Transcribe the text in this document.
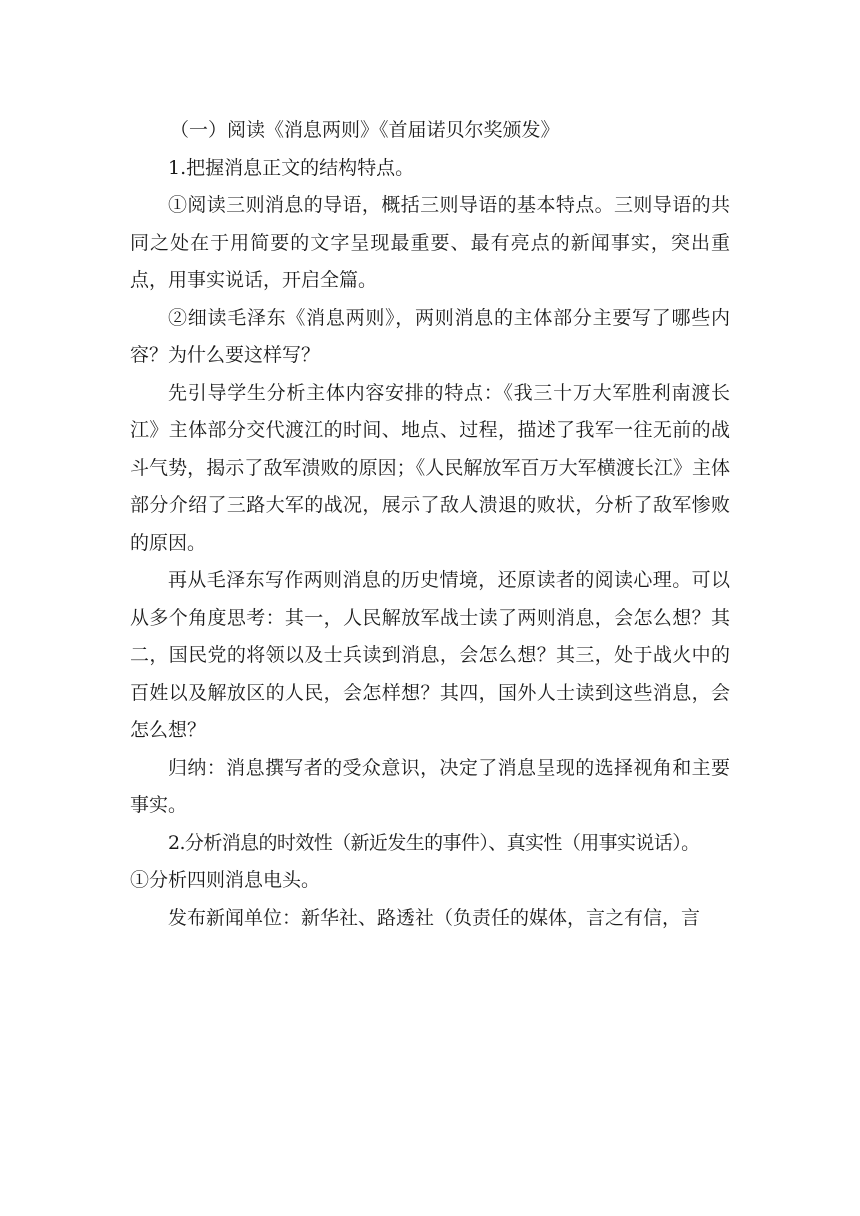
（一）阅读《消息两则》《首届诺贝尔奖颁发》

1.把握消息正文的结构特点。

①阅读三则消息的导语，概括三则导语的基本特点。三则导语的共同之处在于用简要的文字呈现最重要、最有亮点的新闻事实，突出重点，用事实说话，开启全篇。

②细读毛泽东《消息两则》，两则消息的主体部分主要写了哪些内容？为什么要这样写？

先引导学生分析主体内容安排的特点：《我三十万大军胜利南渡长江》主体部分交代渡江的时间、地点、过程，描述了我军一往无前的战斗气势，揭示了敌军溃败的原因；《人民解放军百万大军横渡长江》主体部分介绍了三路大军的战况，展示了敌人溃退的败状，分析了敌军惨败的原因。

再从毛泽东写作两则消息的历史情境，还原读者的阅读心理。可以从多个角度思考：其一，人民解放军战士读了两则消息，会怎么想？其二，国民党的将领以及士兵读到消息，会怎么想？其三，处于战火中的百姓以及解放区的人民，会怎样想？其四，国外人士读到这些消息，会怎么想？

归纳：消息撰写者的受众意识，决定了消息呈现的选择视角和主要事实。

2.分析消息的时效性（新近发生的事件）、真实性（用事实说话）。

①分析四则消息电头。

发布新闻单位：新华社、路透社（负责任的媒体，言之有信，言
